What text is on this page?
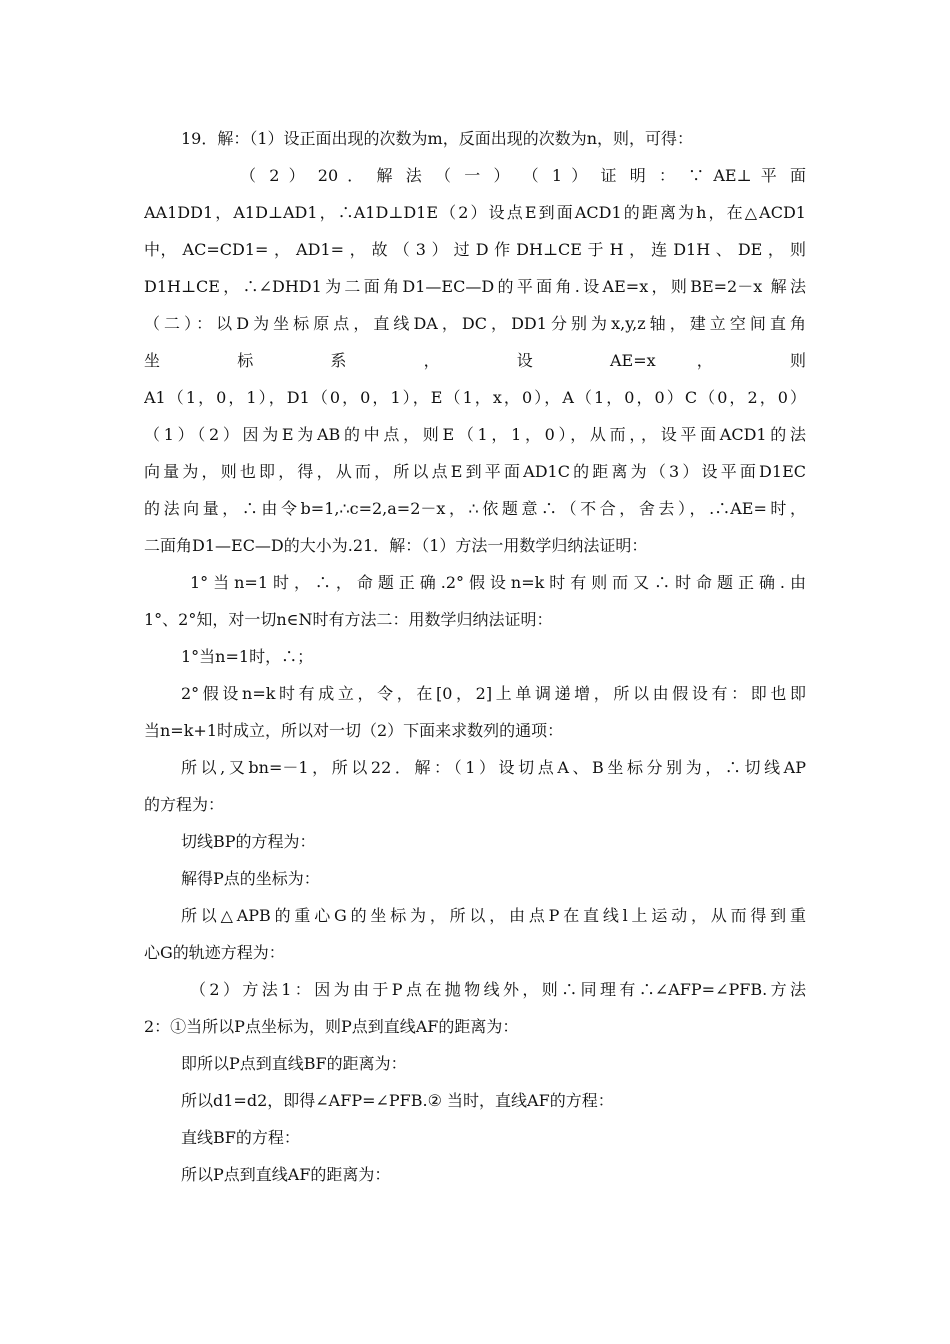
19．解：（1）设正面出现的次数为m，反面出现的次数为n，则，可得：
（ 2 ） 20 ． 解 法 （ 一 ） （ 1 ） 证 明 ： ∵ AE⊥ 平 面
AA1DD1，A1D⊥AD1，∴A1D⊥D1E（2）设点E到面ACD1的距离为h，在△ACD1
中， AC=CD1= ， AD1= ， 故 （ 3 ） 过 D 作 DH⊥CE 于 H ， 连 D1H 、 DE ， 则
D1H⊥CE，∴∠DHD1为二面角D1—EC—D的平面角.设AE=x，则BE=2－x 解法
（二）：以D为坐标原点，直线DA，DC，DD1分别为x,y,z轴，建立空间直角
坐 标 系 ， 设 AE=x ， 则
A1（1，0，1），D1（0，0，1），E（1，x，0），A（1，0，0）C（0，2，0）
（1）（2）因为E为AB的中点，则E（1，1，0），从而，，设平面ACD1的法
向量为，则也即，得，从而，所以点E到平面AD1C的距离为（3）设平面D1EC
的法向量，∴由令b=1,∴c=2,a=2－x，∴依题意∴（不合，舍去），.∴AE=时，
二面角D1—EC—D的大小为.21．解：（1）方法一用数学归纳法证明：
1°当n=1时，∴，命题正确.2°假设n=k时有则而又∴时命题正确.由
1°、2°知，对一切n∈N时有方法二：用数学归纳法证明：
1°当n=1时，∴；
2°假设n=k时有成立，令，在[0，2]上单调递增，所以由假设有：即也即
当n=k+1时成立，所以对一切（2）下面来求数列的通项：
所以,又bn=－1，所以22．解：（1）设切点A、B坐标分别为，∴切线AP
的方程为：
切线BP的方程为：
解得P点的坐标为：
所以△APB的重心G的坐标为，所以，由点P在直线l上运动，从而得到重
心G的轨迹方程为：
（2）方法1：因为由于P点在抛物线外，则∴同理有∴∠AFP=∠PFB.方法
2：①当所以P点坐标为，则P点到直线AF的距离为：
即所以P点到直线BF的距离为：
所以d1=d2，即得∠AFP=∠PFB.② 当时，直线AF的方程：
直线BF的方程：
所以P点到直线AF的距离为：
